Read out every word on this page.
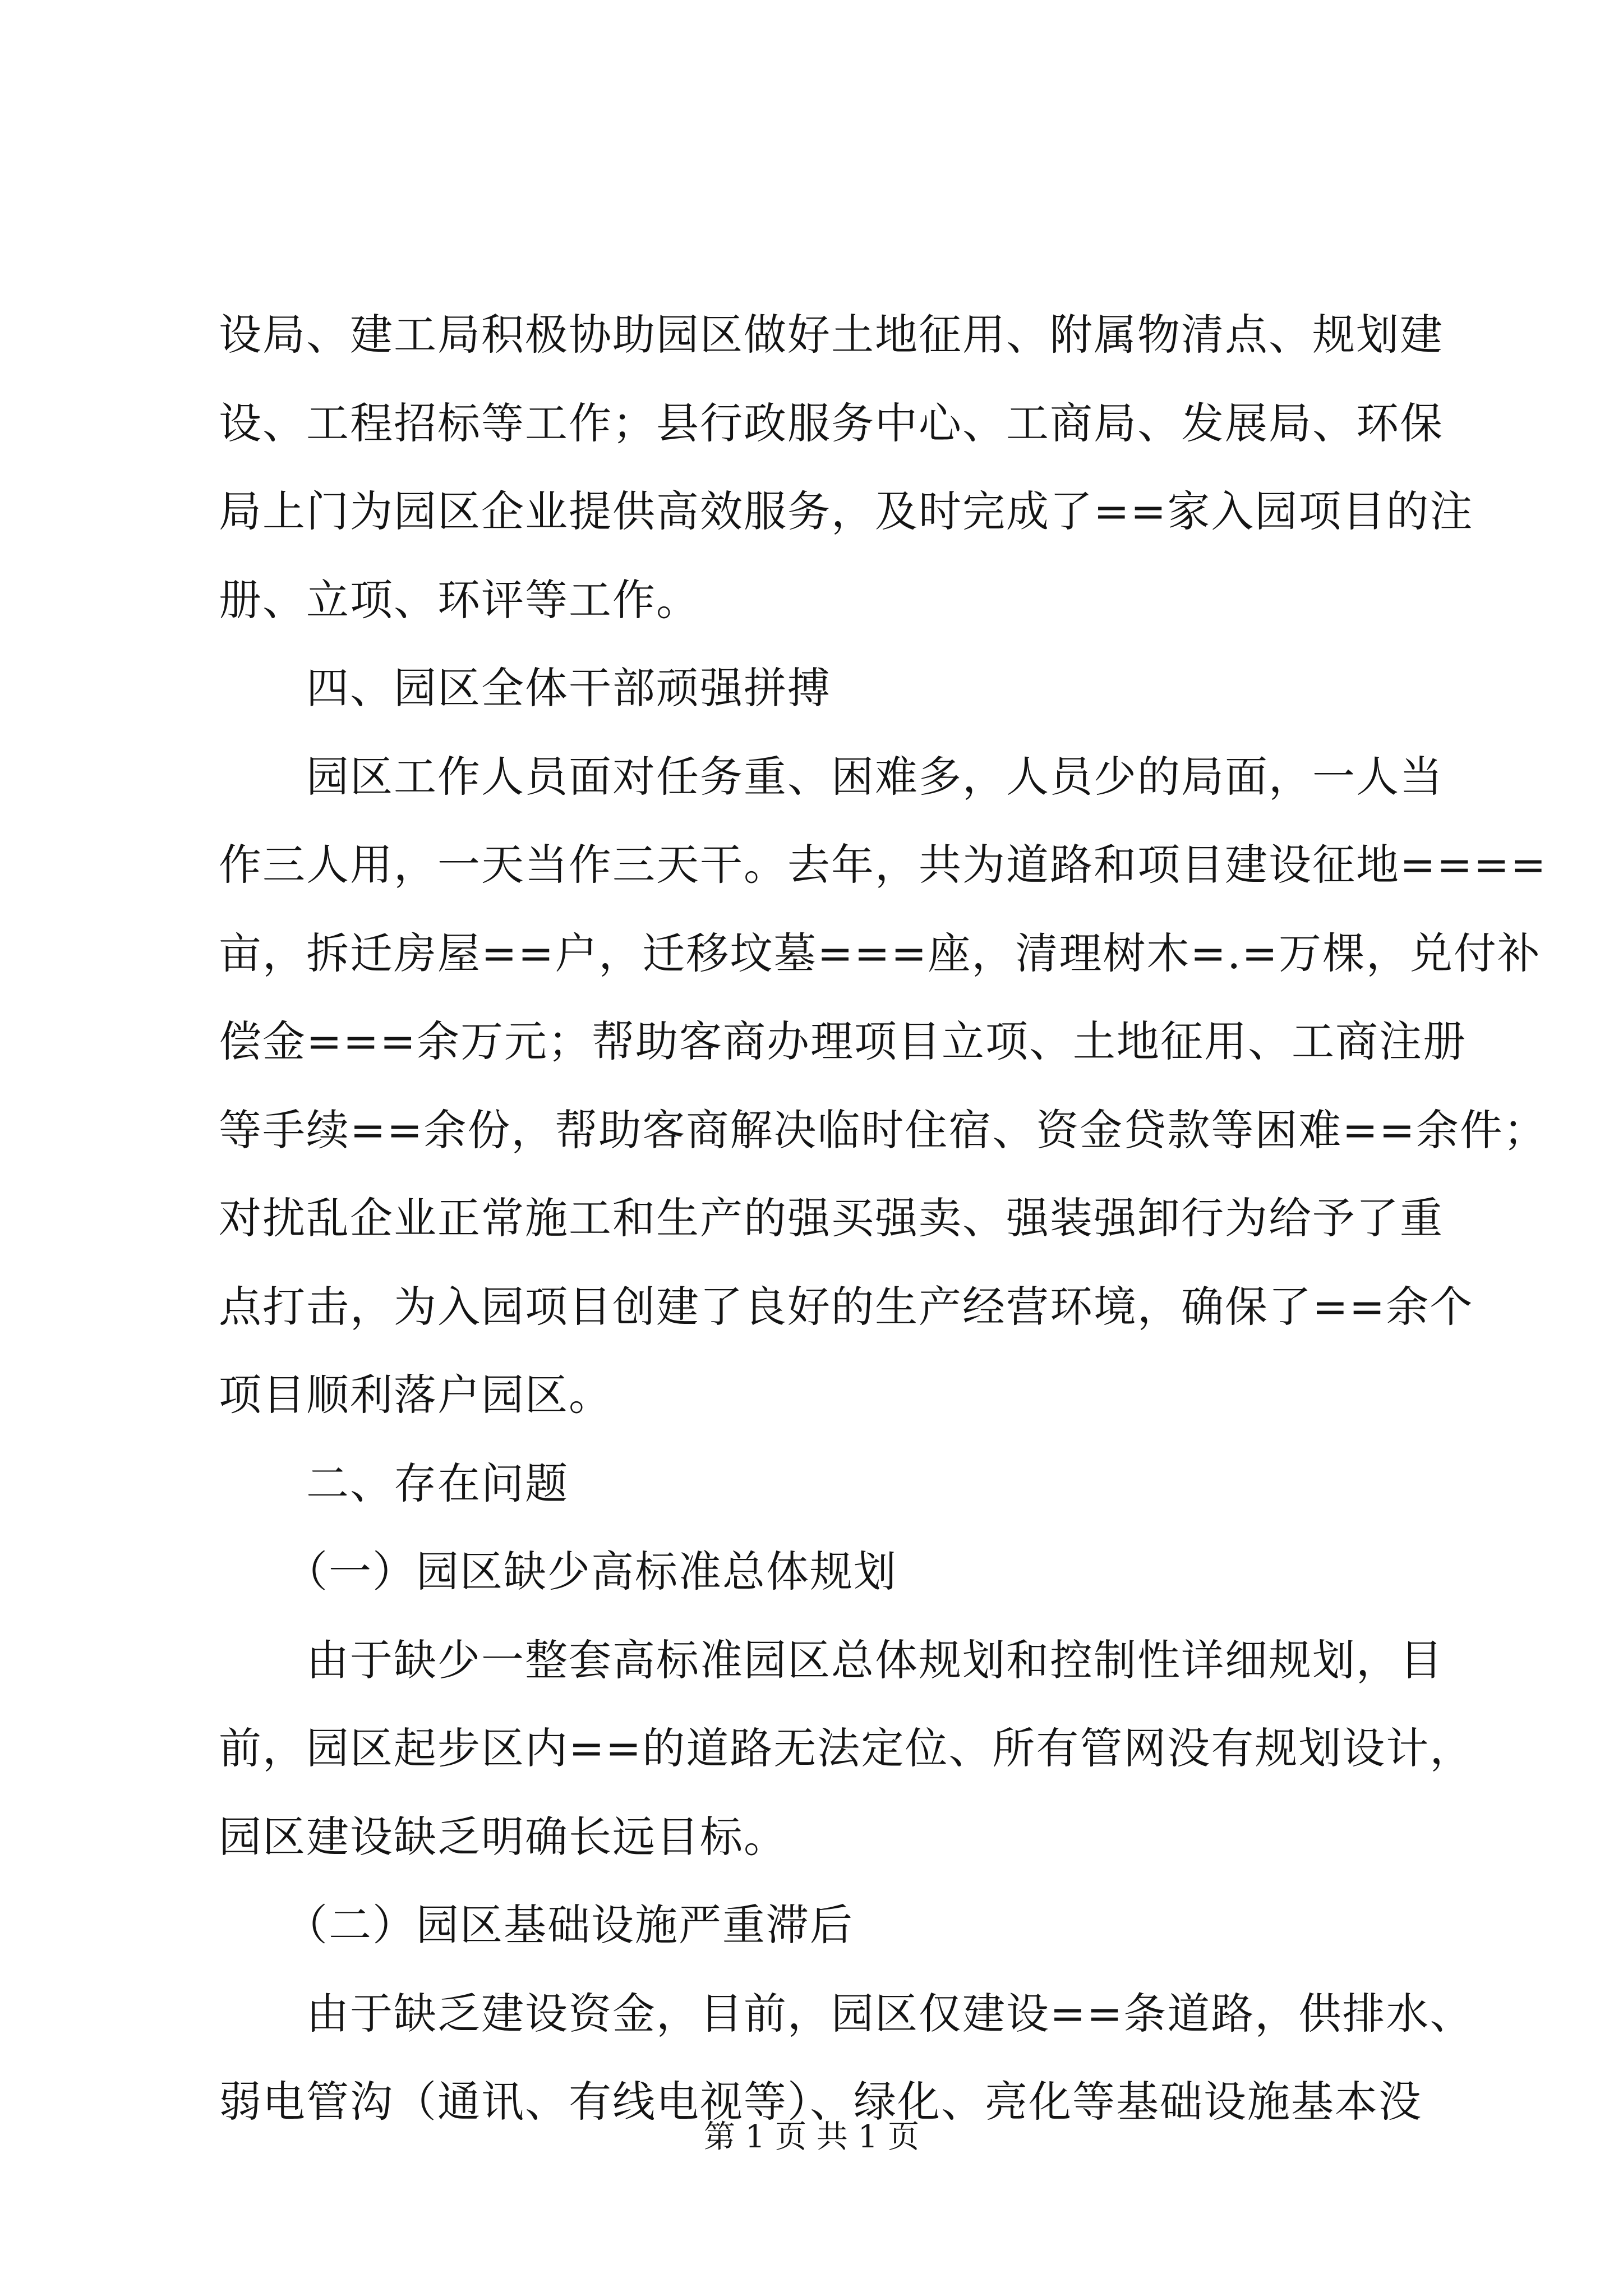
设局、建工局积极协助园区做好土地征用、附属物清点、规划建
设、工程招标等工作；县行政服务中心、工商局、发展局、环保
局上门为园区企业提供高效服务，及时完成了==家入园项目的注
册、立项、环评等工作。
　　四、园区全体干部顽强拼搏
　　园区工作人员面对任务重、困难多，人员少的局面，一人当
作三人用，一天当作三天干。去年，共为道路和项目建设征地====
亩，拆迁房屋==户，迁移坟墓===座，清理树木=.=万棵，兑付补
偿金===余万元；帮助客商办理项目立项、土地征用、工商注册
等手续==余份，帮助客商解决临时住宿、资金贷款等困难==余件；
对扰乱企业正常施工和生产的强买强卖、强装强卸行为给予了重
点打击，为入园项目创建了良好的生产经营环境，确保了==余个
项目顺利落户园区。
　　二、存在问题
　　（一）园区缺少高标准总体规划
　　由于缺少一整套高标准园区总体规划和控制性详细规划，目
前，园区起步区内==的道路无法定位、所有管网没有规划设计，
园区建设缺乏明确长远目标。
　　（二）园区基础设施严重滞后
　　由于缺乏建设资金，目前，园区仅建设==条道路，供排水、
弱电管沟（通讯、有线电视等）、绿化、亮化等基础设施基本没
第 1 页 共 1 页
